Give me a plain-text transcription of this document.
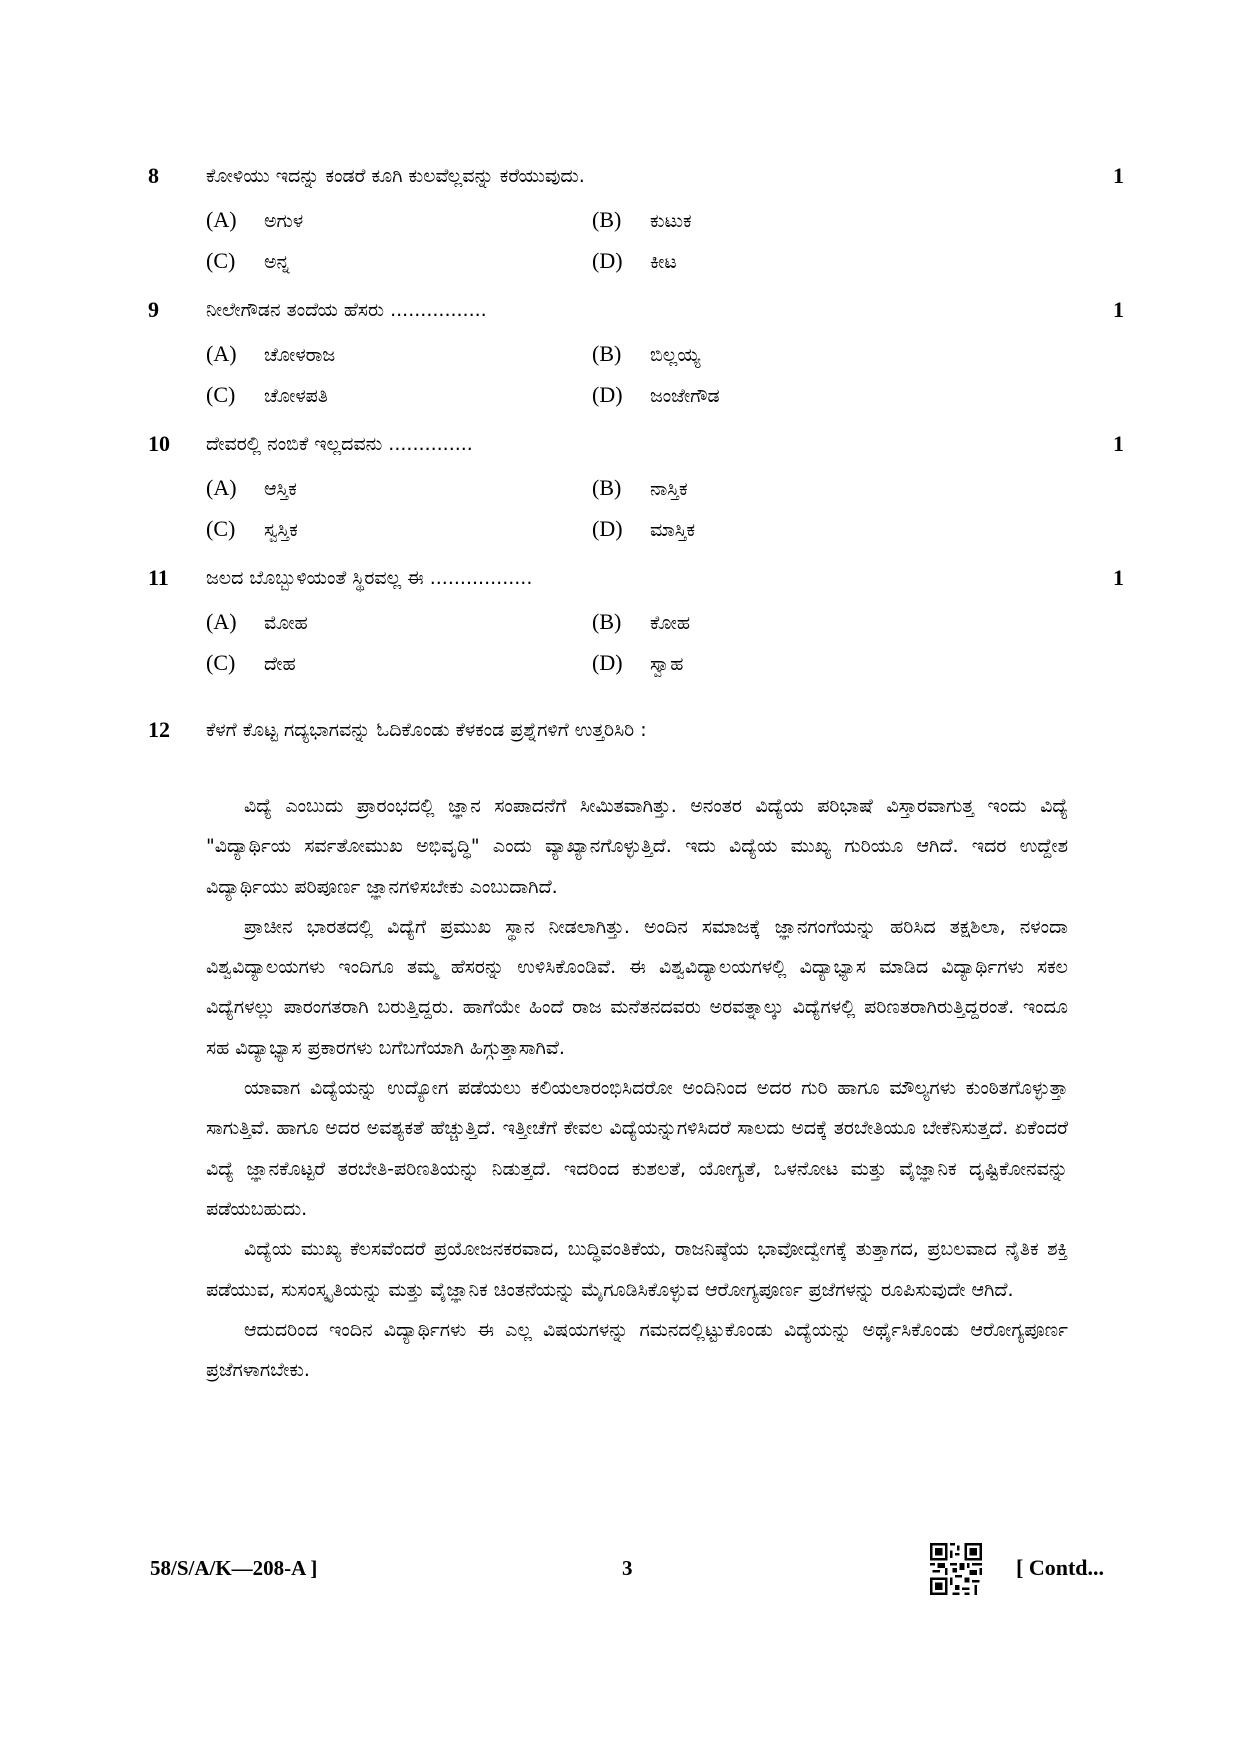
8 ಕೋಳಿಯು ಇದನ್ನು ಕಂಡರೆ ಕೂಗಿ ಕುಲವೆಲ್ಲವನ್ನು ಕರೆಯುವುದು.	1
(A) ಅಗುಳ	(B) ಕುಟುಕ
(C) ಅನ್ನ	(D) ಕೀಟ
9 ನೀಲೇಗೌಡನ ತಂದೆಯ ಹೆಸರು ................	1
(A) ಚೋಳರಾಜ	(B) ಬಿಲ್ಲಯ್ಯ
(C) ಚೋಳಪತಿ	(D) ಜಂಜೇಗೌಡ
10 ದೇವರಲ್ಲಿ ನಂಬಿಕೆ ಇಲ್ಲದವನು ..............	1
(A) ಆಸ್ತಿಕ	(B) ನಾಸ್ತಿಕ
(C) ಸ್ವಸ್ತಿಕ	(D) ಮಾಸ್ತಿಕ
11 ಜಲದ ಬೊಬ್ಬುಳಿಯಂತೆ ಸ್ಥಿರವಲ್ಲ ಈ .................	1
(A) ಮೋಹ	(B) ಕೋಹ
(C) ದೇಹ	(D) ಸ್ವಾಹ
12 ಕೆಳಗೆ ಕೊಟ್ಟ ಗದ್ಯಭಾಗವನ್ನು ಓದಿಕೊಂಡು ಕೆಳಕಂಡ ಪ್ರಶ್ನೆಗಳಿಗೆ ಉತ್ತರಿಸಿರಿ :

ವಿದ್ಯೆ ಎಂಬುದು ಪ್ರಾರಂಭದಲ್ಲಿ ಜ್ಞಾನ ಸಂಪಾದನೆಗೆ ಸೀಮಿತವಾಗಿತ್ತು. ಅನಂತರ ವಿದ್ಯೆಯ ಪರಿಭಾಷೆ ವಿಸ್ತಾರವಾಗುತ್ತ ಇಂದು ವಿದ್ಯೆ "ವಿದ್ಯಾರ್ಥಿಯ ಸರ್ವತೋಮುಖ ಅಭಿವೃದ್ಧಿ" ಎಂದು ವ್ಯಾಖ್ಯಾನಗೊಳ್ಳುತ್ತಿದೆ. ಇದು ವಿದ್ಯೆಯ ಮುಖ್ಯ ಗುರಿಯೂ ಆಗಿದೆ. ಇದರ ಉದ್ದೇಶ ವಿದ್ಯಾರ್ಥಿಯು ಪರಿಪೂರ್ಣ ಜ್ಞಾನಗಳಿಸಬೇಕು ಎಂಬುದಾಗಿದೆ.

ಪ್ರಾಚೀನ ಭಾರತದಲ್ಲಿ ವಿದ್ಯೆಗೆ ಪ್ರಮುಖ ಸ್ಥಾನ ನೀಡಲಾಗಿತ್ತು. ಅಂದಿನ ಸಮಾಜಕ್ಕೆ ಜ್ಞಾನಗಂಗೆಯನ್ನು ಹರಿಸಿದ ತಕ್ಷಶಿಲಾ, ನಳಂದಾ ವಿಶ್ವವಿದ್ಯಾಲಯಗಳು ಇಂದಿಗೂ ತಮ್ಮ ಹೆಸರನ್ನು ಉಳಿಸಿಕೊಂಡಿವೆ. ಈ ವಿಶ್ವವಿದ್ಯಾಲಯಗಳಲ್ಲಿ ವಿದ್ಯಾಭ್ಯಾಸ ಮಾಡಿದ ವಿದ್ಯಾರ್ಥಿಗಳು ಸಕಲ ವಿದ್ಯೆಗಳಲ್ಲು ಪಾರಂಗತರಾಗಿ ಬರುತ್ತಿದ್ದರು. ಹಾಗೆಯೇ ಹಿಂದೆ ರಾಜ ಮನೆತನದವರು ಅರವತ್ನಾಲ್ಕು ವಿದ್ಯೆಗಳಲ್ಲಿ ಪರಿಣತರಾಗಿರುತ್ತಿದ್ದರಂತೆ. ಇಂದೂ ಸಹ ವಿದ್ಯಾಭ್ಯಾಸ ಪ್ರಕಾರಗಳು ಬಗೆಬಗೆಯಾಗಿ ಹಿಗ್ಗುತ್ತಾಸಾಗಿವೆ.

ಯಾವಾಗ ವಿದ್ಯೆಯನ್ನು ಉದ್ಯೋಗ ಪಡೆಯಲು ಕಲಿಯಲಾರಂಭಿಸಿದರೋ ಅಂದಿನಿಂದ ಅದರ ಗುರಿ ಹಾಗೂ ಮೌಲ್ಯಗಳು ಕುಂಠಿತಗೊಳ್ಳುತ್ತಾ ಸಾಗುತ್ತಿವೆ. ಹಾಗೂ ಅದರ ಅವಶ್ಯಕತೆ ಹೆಚ್ಚುತ್ತಿದೆ. ಇತ್ತೀಚೆಗೆ ಕೇವಲ ವಿದ್ಯೆಯನ್ನುಗಳಿಸಿದರೆ ಸಾಲದು ಅದಕ್ಕೆ ತರಬೇತಿಯೂ ಬೇಕೆನಿಸುತ್ತದೆ. ಏಕೆಂದರೆ ವಿದ್ಯೆ ಜ್ಞಾನಕೊಟ್ಟರೆ ತರಬೇತಿ-ಪರಿಣತಿಯನ್ನು ನಿಡುತ್ತದೆ. ಇದರಿಂದ ಕುಶಲತೆ, ಯೋಗ್ಯತೆ, ಒಳನೋಟ ಮತ್ತು ವೈಜ್ಞಾನಿಕ ದೃಷ್ಟಿಕೋನವನ್ನು ಪಡೆಯಬಹುದು.

ವಿದ್ಯೆಯ ಮುಖ್ಯ ಕೆಲಸವೆಂದರೆ ಪ್ರಯೋಜನಕರವಾದ, ಬುದ್ಧಿವಂತಿಕೆಯ, ರಾಜನಿಷ್ಠೆಯ ಭಾವೋದ್ವೇಗಕ್ಕೆ ತುತ್ತಾಗದ, ಪ್ರಬಲವಾದ ನೈತಿಕ ಶಕ್ತಿ ಪಡೆಯುವ, ಸುಸಂಸ್ಕೃತಿಯನ್ನು ಮತ್ತು ವೈಜ್ಞಾನಿಕ ಚಿಂತನೆಯನ್ನು ಮೈಗೂಡಿಸಿಕೊಳ್ಳುವ ಆರೋಗ್ಯಪೂರ್ಣ ಪ್ರಜೆಗಳನ್ನು ರೂಪಿಸುವುದೇ ಆಗಿದೆ.

ಆದುದರಿಂದ ಇಂದಿನ ವಿದ್ಯಾರ್ಥಿಗಳು ಈ ಎಲ್ಲ ವಿಷಯಗಳನ್ನು ಗಮನದಲ್ಲಿಟ್ಟುಕೊಂಡು ವಿದ್ಯೆಯನ್ನು ಅರ್ಥೈಸಿಕೊಂಡು ಆರೋಗ್ಯಪೂರ್ಣ ಪ್ರಜೆಗಳಾಗಬೇಕು.

58/S/A/K—208-A ]	3	[ Contd...
